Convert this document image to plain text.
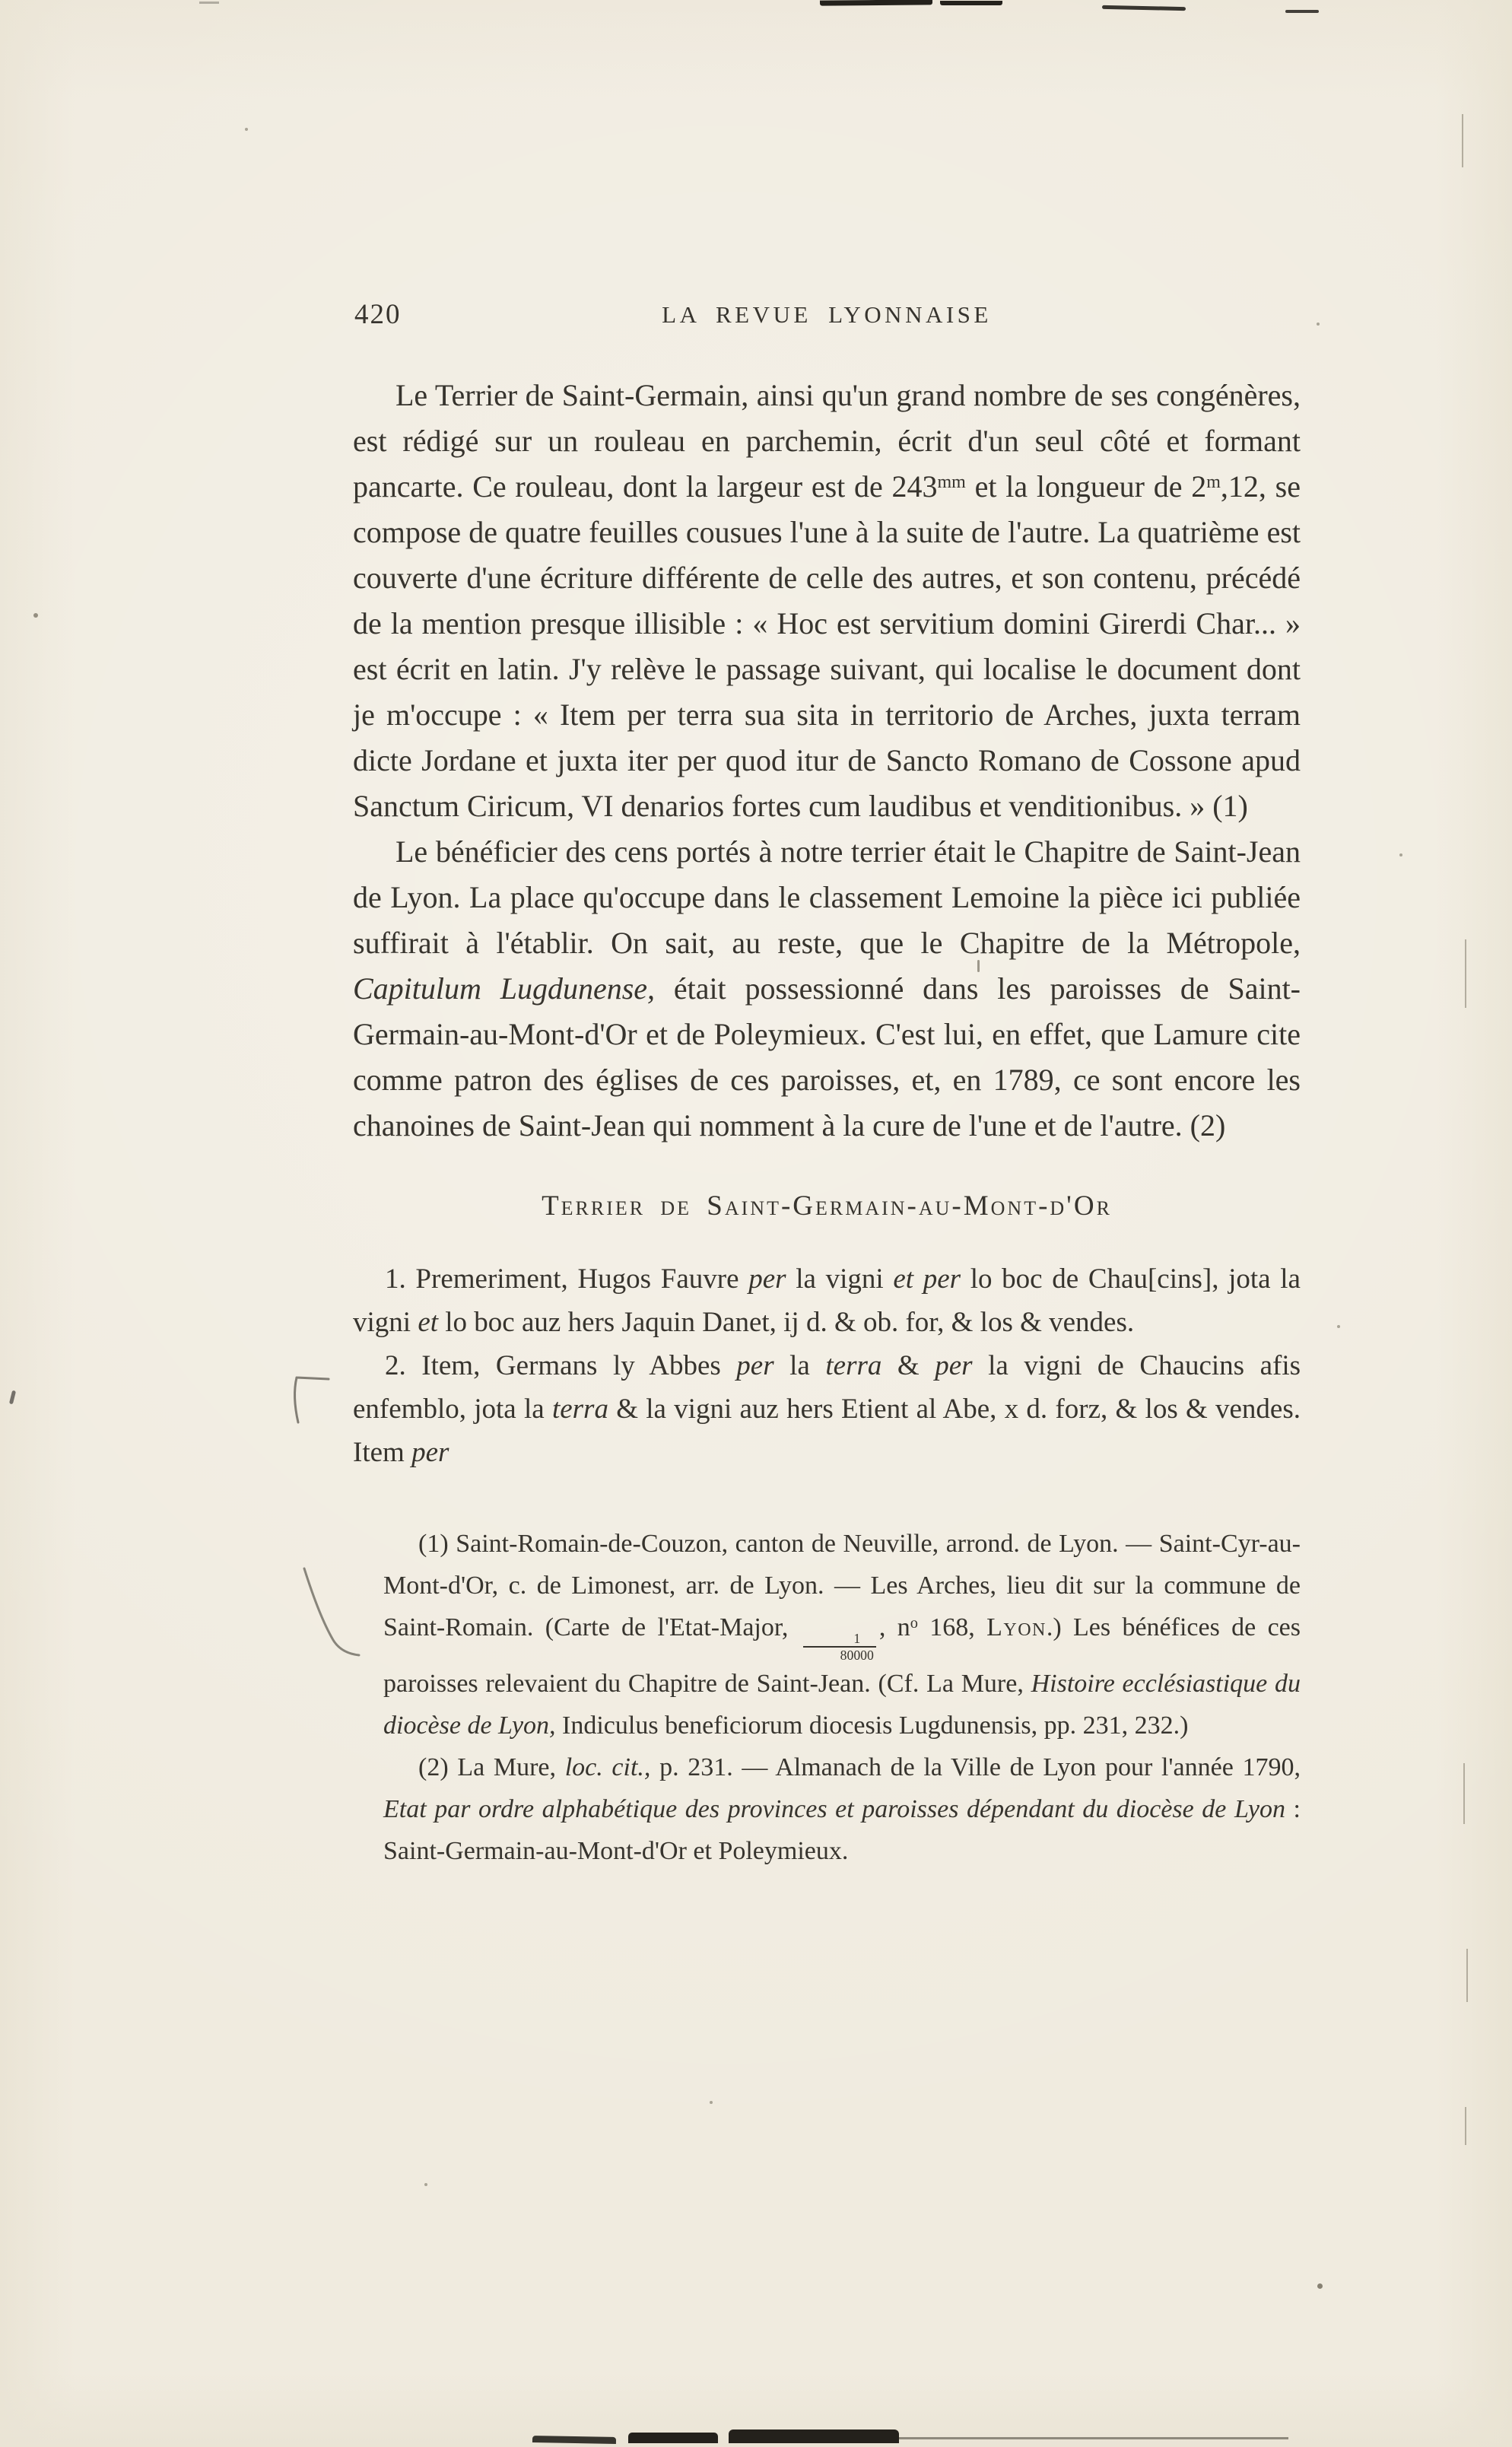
420	LA REVUE LYONNAISE

Le Terrier de Saint-Germain, ainsi qu'un grand nombre de ses congénères, est rédigé sur un rouleau en parchemin, écrit d'un seul côté et formant pancarte. Ce rouleau, dont la largeur est de $243^{mm}$ et la longueur de 2$^m$,12, se compose de quatre feuilles cousues l'une à la suite de l'autre. La quatrième est couverte d'une écriture différente de celle des autres, et son contenu, précédé de la mention presque illisible : « Hoc est servitium domini Girerdi Char... » est écrit en latin. J'y relève le passage suivant, qui localise le document dont je m'occupe : « Item per terra sua sita in territorio de Arches, juxta terram dicte Jordane et juxta iter per quod itur de Sancto Romano de Cossone apud Sanctum Ciricum, VI denarios fortes cum laudibus et venditionibus. » (1)

Le bénéficier des cens portés à notre terrier était le Chapitre de Saint-Jean de Lyon. La place qu'occupe dans le classement Lemoine la pièce ici publiée suffirait à l'établir. On sait, au reste, que le Chapitre de la Métropole, Capitulum Lugdunense, était possessionné dans les paroisses de Saint-Germain-au-Mont-d'Or et de Poleymieux. C'est lui, en effet, que Lamure cite comme patron des églises de ces paroisses, et, en 1789, ce sont encore les chanoines de Saint-Jean qui nomment à la cure de l'une et de l'autre. (2)

Terrier de Saint-Germain-au-Mont-d'Or

1. Premeriment, Hugos Fauvre per la vigni et per lo boc de Chau[cins], jota la vigni et lo boc auz hers Jaquin Danet, ij d. & ob. for, & los & vendes.

2. Item, Germans ly Abbes per la terra & per la vigni de Chaucins afis enfemblo, jota la terra & la vigni auz hers Etient al Abe, x d. forz, & los & vendes. Item per

(1) Saint-Romain-de-Couzon, canton de Neuville, arrond. de Lyon. — Saint-Cyr-au-Mont-d'Or, c. de Limonest, arr. de Lyon. — Les Arches, lieu dit sur la commune de Saint-Romain. (Carte de l'Etat-Major,
$\frac{1}{80000}$
, $n^o$ 168, Lyon.) Les bénéfices de ces paroisses relevaient du Chapitre de Saint-Jean. (Cf. La Mure, Histoire ecclésiastique du diocèse de Lyon, Indiculus beneficiorum diocesis Lugdunensis, pp. 231, 232.)

(2) La Mure, loc. cit., p. 231. — Almanach de la Ville de Lyon pour l'année 1790, Etat par ordre alphabétique des provinces et paroisses dépendant du diocèse de Lyon : Saint-Germain-au-Mont-d'Or et Poleymieux.
